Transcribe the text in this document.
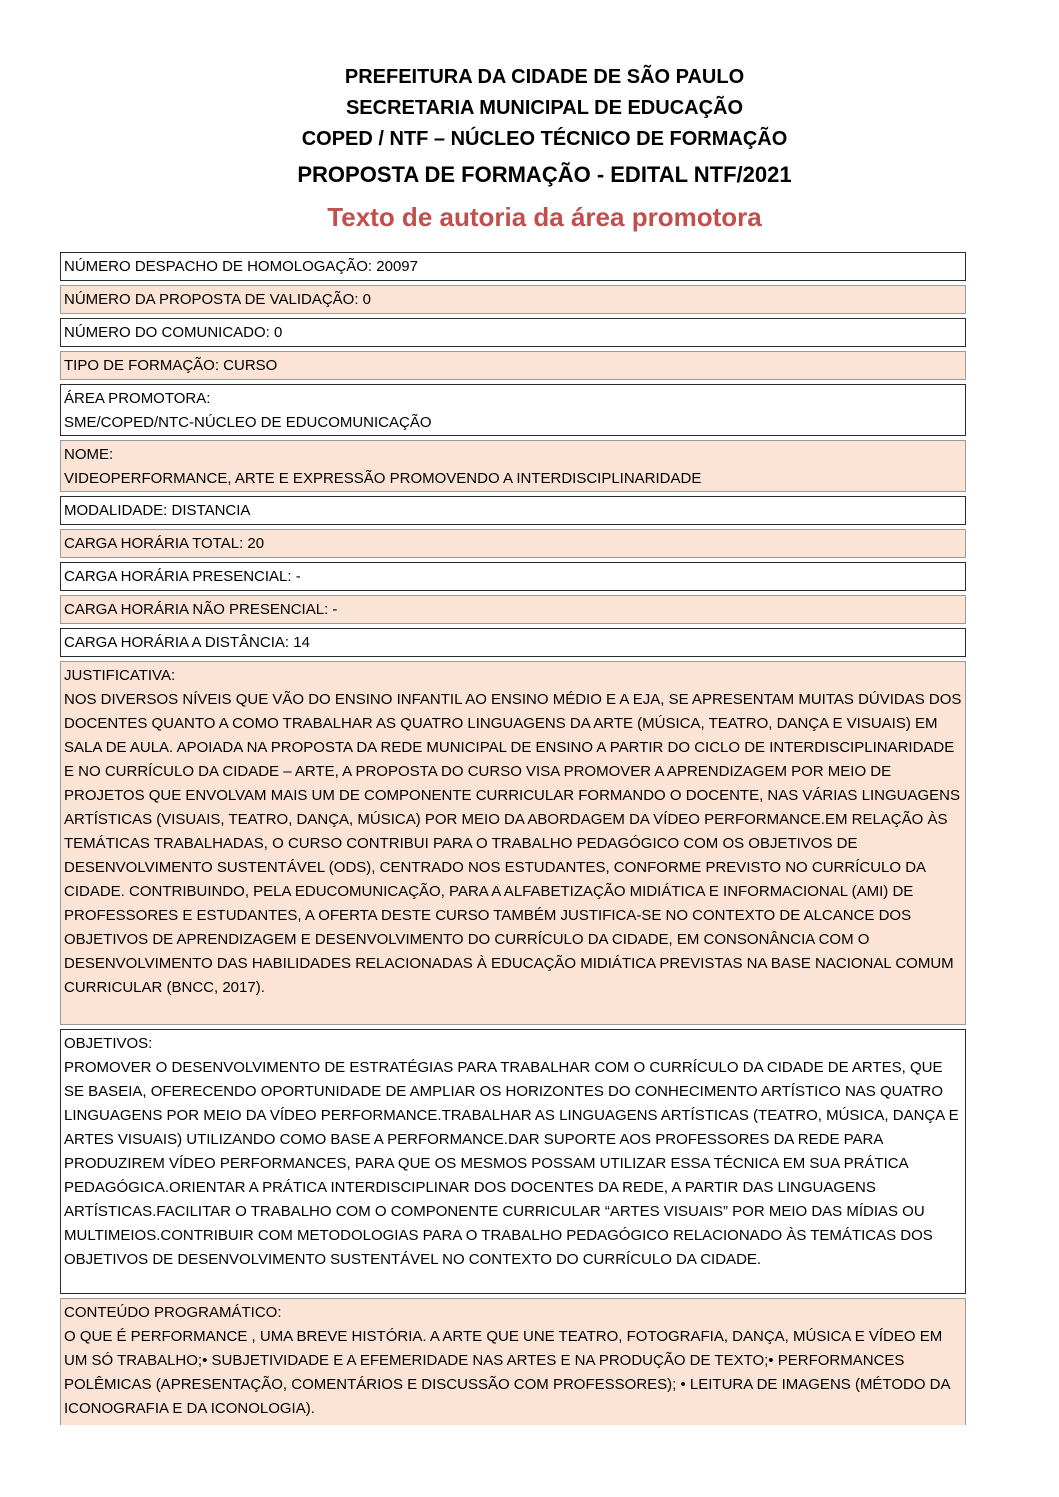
PREFEITURA DA CIDADE DE SÃO PAULO
SECRETARIA MUNICIPAL DE EDUCAÇÃO
COPED / NTF – NÚCLEO TÉCNICO DE FORMAÇÃO
PROPOSTA DE FORMAÇÃO - EDITAL NTF/2021
Texto de autoria da área promotora
NÚMERO DESPACHO DE HOMOLOGAÇÃO: 20097
NÚMERO DA PROPOSTA DE VALIDAÇÃO: 0
NÚMERO DO COMUNICADO: 0
TIPO DE FORMAÇÃO: CURSO
ÁREA PROMOTORA:
SME/COPED/NTC-NÚCLEO DE EDUCOMUNICAÇÃO
NOME:
VIDEOPERFORMANCE, ARTE E EXPRESSÃO PROMOVENDO A INTERDISCIPLINARIDADE
MODALIDADE: DISTANCIA
CARGA HORÁRIA TOTAL: 20
CARGA HORÁRIA PRESENCIAL: -
CARGA HORÁRIA NÃO PRESENCIAL: -
CARGA HORÁRIA A DISTÂNCIA: 14
JUSTIFICATIVA:
NOS DIVERSOS NÍVEIS QUE VÃO DO ENSINO INFANTIL AO ENSINO MÉDIO E A EJA, SE APRESENTAM MUITAS DÚVIDAS DOS DOCENTES QUANTO A COMO TRABALHAR AS QUATRO LINGUAGENS DA ARTE (MÚSICA, TEATRO, DANÇA E VISUAIS) EM SALA DE AULA. APOIADA NA PROPOSTA DA REDE MUNICIPAL DE ENSINO A PARTIR DO CICLO DE INTERDISCIPLINARIDADE E NO CURRÍCULO DA CIDADE – ARTE, A PROPOSTA DO CURSO VISA PROMOVER A APRENDIZAGEM POR MEIO DE PROJETOS QUE ENVOLVAM MAIS UM DE COMPONENTE CURRICULAR FORMANDO O DOCENTE, NAS VÁRIAS LINGUAGENS ARTÍSTICAS (VISUAIS, TEATRO, DANÇA, MÚSICA) POR MEIO DA ABORDAGEM DA VÍDEO PERFORMANCE.EM RELAÇÃO ÀS TEMÁTICAS TRABALHADAS, O CURSO CONTRIBUI PARA O TRABALHO PEDAGÓGICO COM OS OBJETIVOS DE DESENVOLVIMENTO SUSTENTÁVEL (ODS), CENTRADO NOS ESTUDANTES, CONFORME PREVISTO NO CURRÍCULO DA CIDADE. CONTRIBUINDO, PELA EDUCOMUNICAÇÃO, PARA A ALFABETIZAÇÃO MIDIÁTICA E INFORMACIONAL (AMI) DE PROFESSORES E ESTUDANTES, A OFERTA DESTE CURSO TAMBÉM JUSTIFICA-SE NO CONTEXTO DE ALCANCE DOS OBJETIVOS DE APRENDIZAGEM E DESENVOLVIMENTO DO CURRÍCULO DA CIDADE, EM CONSONÂNCIA COM O DESENVOLVIMENTO DAS HABILIDADES RELACIONADAS À EDUCAÇÃO MIDIÁTICA PREVISTAS NA BASE NACIONAL COMUM CURRICULAR (BNCC, 2017).
OBJETIVOS:
PROMOVER O DESENVOLVIMENTO DE ESTRATÉGIAS PARA TRABALHAR COM O CURRÍCULO DA CIDADE DE ARTES, QUE SE BASEIA, OFERECENDO OPORTUNIDADE DE AMPLIAR OS HORIZONTES DO CONHECIMENTO ARTÍSTICO NAS QUATRO LINGUAGENS POR MEIO DA VÍDEO PERFORMANCE.TRABALHAR AS LINGUAGENS ARTÍSTICAS (TEATRO, MÚSICA, DANÇA E ARTES VISUAIS) UTILIZANDO COMO BASE A PERFORMANCE.DAR SUPORTE AOS PROFESSORES DA REDE PARA PRODUZIREM VÍDEO PERFORMANCES, PARA QUE OS MESMOS POSSAM UTILIZAR ESSA TÉCNICA EM SUA PRÁTICA PEDAGÓGICA.ORIENTAR A PRÁTICA INTERDISCIPLINAR DOS DOCENTES DA REDE, A PARTIR DAS LINGUAGENS ARTÍSTICAS.FACILITAR O TRABALHO COM O COMPONENTE CURRICULAR “ARTES VISUAIS” POR MEIO DAS MÍDIAS OU MULTIMEIOS.CONTRIBUIR COM METODOLOGIAS PARA O TRABALHO PEDAGÓGICO RELACIONADO ÀS TEMÁTICAS DOS OBJETIVOS DE DESENVOLVIMENTO SUSTENTÁVEL NO CONTEXTO DO CURRÍCULO DA CIDADE.
CONTEÚDO PROGRAMÁTICO:
O QUE É PERFORMANCE , UMA BREVE HISTÓRIA. A ARTE QUE UNE TEATRO, FOTOGRAFIA, DANÇA, MÚSICA E VÍDEO EM UM SÓ TRABALHO;• SUBJETIVIDADE E A EFEMERIDADE NAS ARTES E NA PRODUÇÃO DE TEXTO;• PERFORMANCES POLÊMICAS (APRESENTAÇÃO, COMENTÁRIOS E DISCUSSÃO COM PROFESSORES); • LEITURA DE IMAGENS (MÉTODO DA ICONOGRAFIA E DA ICONOLOGIA).
